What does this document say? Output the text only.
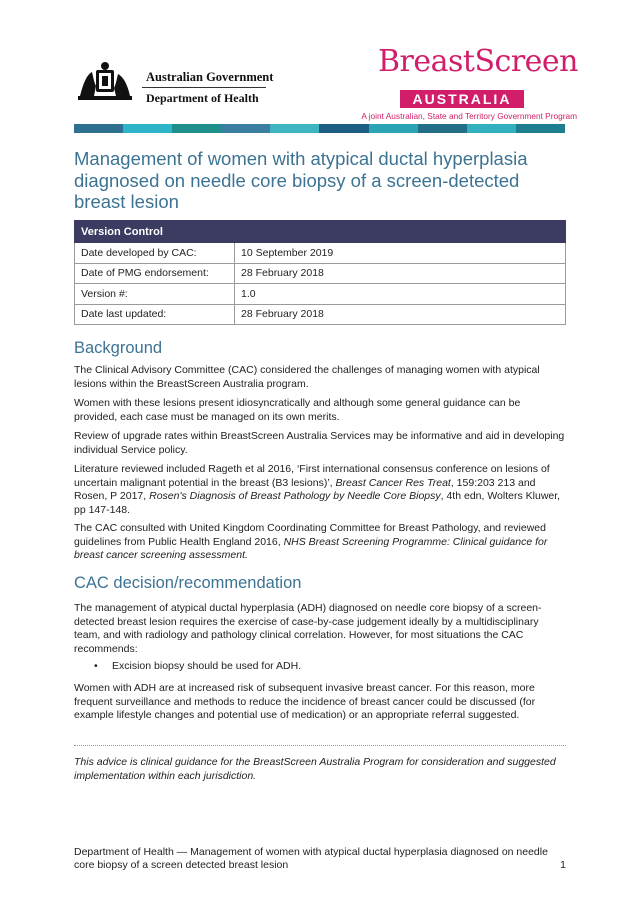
Australian Government
Department of Health
BreastScreen
AUSTRALIA
A joint Australian, State and Territory Government Program
Management of women with atypical ductal hyperplasia diagnosed on needle core biopsy of a screen-detected breast lesion
Version Control	
Date developed by CAC:	10 September 2019
Date of PMG endorsement:	28 February 2018
Version #:	1.0
Date last updated:	28 February 2018
Background

The Clinical Advisory Committee (CAC) considered the challenges of managing women with atypical lesions within the BreastScreen Australia program.

Women with these lesions present idiosyncratically and although some general guidance can be provided, each case must be managed on its own merits.

Review of upgrade rates within BreastScreen Australia Services may be informative and aid in developing individual Service policy.

Literature reviewed included Rageth et al 2016, ‘First international consensus conference on lesions of uncertain malignant potential in the breast (B3 lesions)’, Breast Cancer Res Treat, 159:203 213 and Rosen, P 2017, Rosen's Diagnosis of Breast Pathology by Needle Core Biopsy, 4th edn, Wolters Kluwer, pp 147-148.

The CAC consulted with United Kingdom Coordinating Committee for Breast Pathology, and reviewed guidelines from Public Health England 2016, NHS Breast Screening Programme: Clinical guidance for breast cancer screening assessment.

CAC decision/recommendation

The management of atypical ductal hyperplasia (ADH) diagnosed on needle core biopsy of a screen-detected breast lesion requires the exercise of case-by-case judgement ideally by a multidisciplinary team, and with radiology and pathology clinical correlation. However, for most situations the CAC recommends:

• Excision biopsy should be used for ADH.

Women with ADH are at increased risk of subsequent invasive breast cancer. For this reason, more frequent surveillance and methods to reduce the incidence of breast cancer could be discussed (for example lifestyle changes and potential use of medication) or an appropriate referral suggested.

This advice is clinical guidance for the BreastScreen Australia Program for consideration and suggested implementation within each jurisdiction.

Department of Health — Management of women with atypical ductal hyperplasia diagnosed on needle core biopsy of a screen detected breast lesion	1
